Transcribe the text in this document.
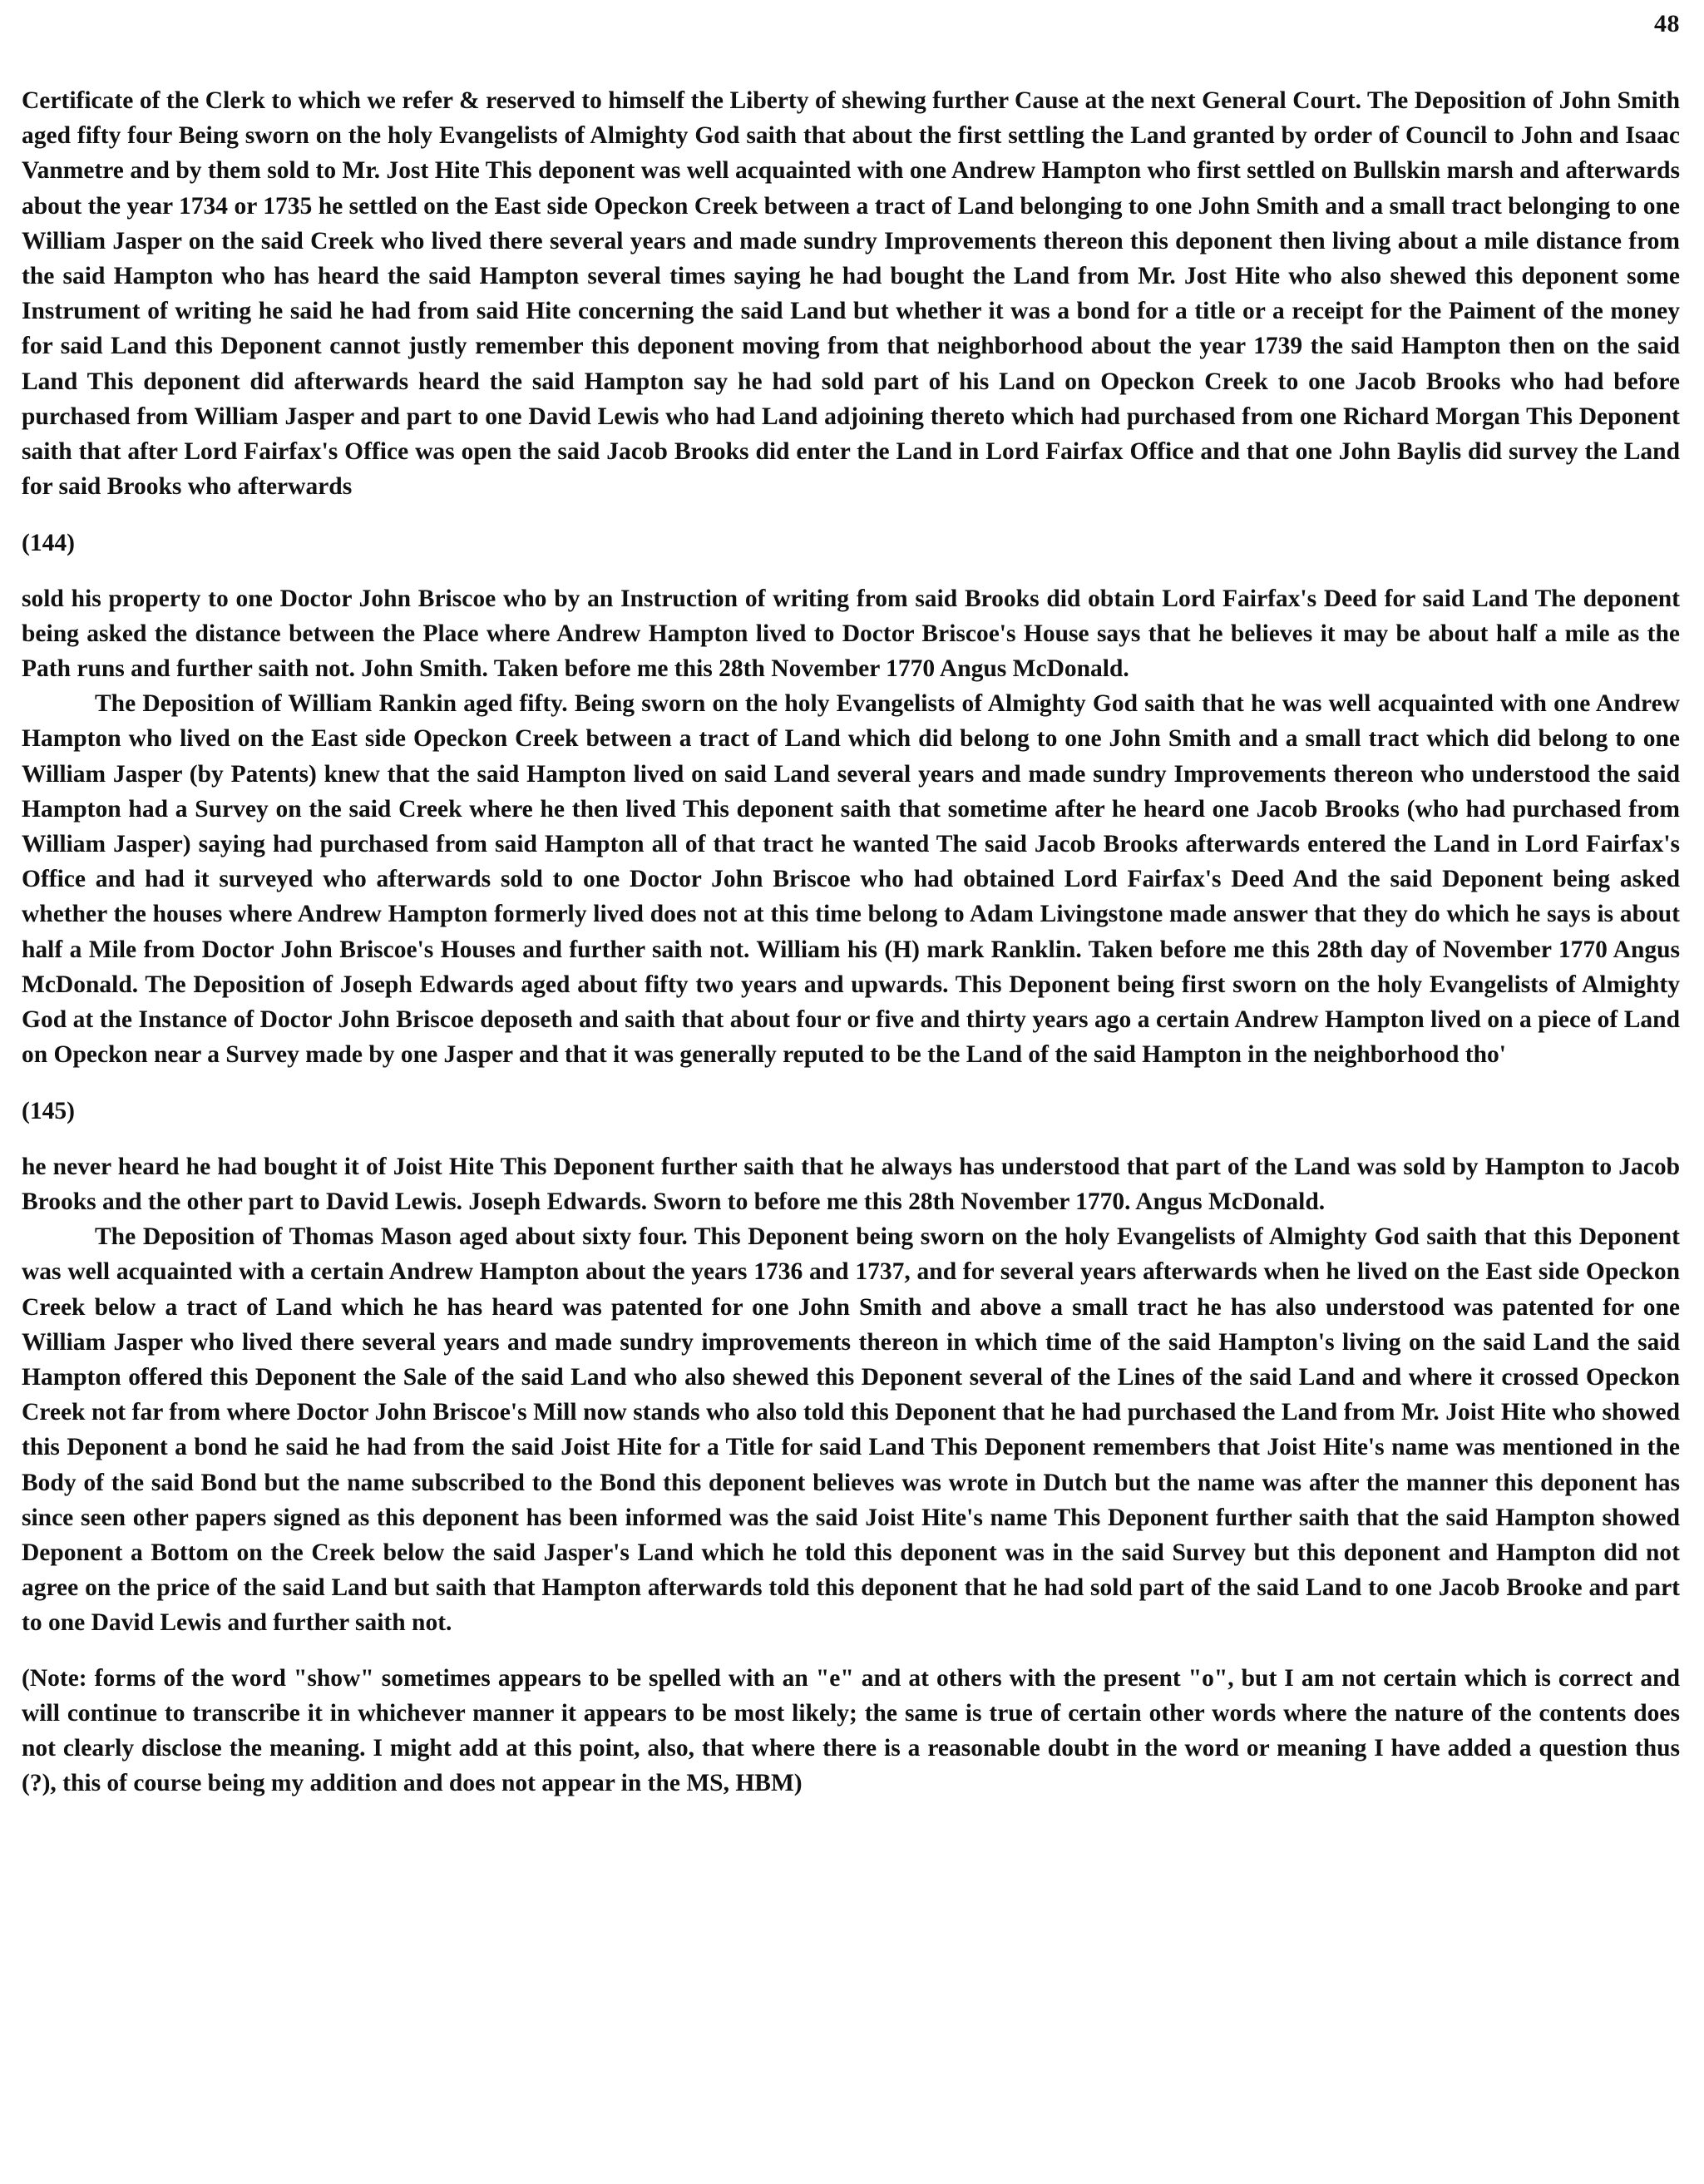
48

Certificate of the Clerk to which we refer & reserved to himself the Liberty of shewing further Cause at the next General Court. The Deposition of John Smith aged fifty four Being sworn on the holy Evangelists of Almighty God saith that about the first settling the Land granted by order of Council to John and Isaac Vanmetre and by them sold to Mr. Jost Hite This deponent was well acquainted with one Andrew Hampton who first settled on Bullskin marsh and afterwards about the year 1734 or 1735 he settled on the East side Opeckon Creek between a tract of Land belonging to one John Smith and a small tract belonging to one William Jasper on the said Creek who lived there several years and made sundry Improvements thereon this deponent then living about a mile distance from the said Hampton who has heard the said Hampton several times saying he had bought the Land from Mr. Jost Hite who also shewed this deponent some Instrument of writing he said he had from said Hite concerning the said Land but whether it was a bond for a title or a receipt for the Paiment of the money for said Land this Deponent cannot justly remember this deponent moving from that neighborhood about the year 1739 the said Hampton then on the said Land This deponent did afterwards heard the said Hampton say he had sold part of his Land on Opeckon Creek to one Jacob Brooks who had before purchased from William Jasper and part to one David Lewis who had Land adjoining thereto which had purchased from one Richard Morgan This Deponent saith that after Lord Fairfax's Office was open the said Jacob Brooks did enter the Land in Lord Fairfax Office and that one John Baylis did survey the Land for said Brooks who afterwards

(144)

sold his property to one Doctor John Briscoe who by an Instruction of writing from said Brooks did obtain Lord Fairfax's Deed for said Land The deponent being asked the distance between the Place where Andrew Hampton lived to Doctor Briscoe's House says that he believes it may be about half a mile as the Path runs and further saith not. John Smith. Taken before me this 28th November 1770 Angus McDonald.

The Deposition of William Rankin aged fifty. Being sworn on the holy Evangelists of Almighty God saith that he was well acquainted with one Andrew Hampton who lived on the East side Opeckon Creek between a tract of Land which did belong to one John Smith and a small tract which did belong to one William Jasper (by Patents) knew that the said Hampton lived on said Land several years and made sundry Improvements thereon who understood the said Hampton had a Survey on the said Creek where he then lived This deponent saith that sometime after he heard one Jacob Brooks (who had purchased from William Jasper) saying had purchased from said Hampton all of that tract he wanted The said Jacob Brooks afterwards entered the Land in Lord Fairfax's Office and had it surveyed who afterwards sold to one Doctor John Briscoe who had obtained Lord Fairfax's Deed And the said Deponent being asked whether the houses where Andrew Hampton formerly lived does not at this time belong to Adam Livingstone made answer that they do which he says is about half a Mile from Doctor John Briscoe's Houses and further saith not. William his (H) mark Ranklin. Taken before me this 28th day of November 1770 Angus McDonald. The Deposition of Joseph Edwards aged about fifty two years and upwards. This Deponent being first sworn on the holy Evangelists of Almighty God at the Instance of Doctor John Briscoe deposeth and saith that about four or five and thirty years ago a certain Andrew Hampton lived on a piece of Land on Opeckon near a Survey made by one Jasper and that it was generally reputed to be the Land of the said Hampton in the neighborhood tho'

(145)

he never heard he had bought it of Joist Hite This Deponent further saith that he always has understood that part of the Land was sold by Hampton to Jacob Brooks and the other part to David Lewis. Joseph Edwards. Sworn to before me this 28th November 1770. Angus McDonald.

The Deposition of Thomas Mason aged about sixty four. This Deponent being sworn on the holy Evangelists of Almighty God saith that this Deponent was well acquainted with a certain Andrew Hampton about the years 1736 and 1737, and for several years afterwards when he lived on the East side Opeckon Creek below a tract of Land which he has heard was patented for one John Smith and above a small tract he has also understood was patented for one William Jasper who lived there several years and made sundry improvements thereon in which time of the said Hampton's living on the said Land the said Hampton offered this Deponent the Sale of the said Land who also shewed this Deponent several of the Lines of the said Land and where it crossed Opeckon Creek not far from where Doctor John Briscoe's Mill now stands who also told this Deponent that he had purchased the Land from Mr. Joist Hite who showed this Deponent a bond he said he had from the said Joist Hite for a Title for said Land This Deponent remembers that Joist Hite's name was mentioned in the Body of the said Bond but the name subscribed to the Bond this deponent believes was wrote in Dutch but the name was after the manner this deponent has since seen other papers signed as this deponent has been informed was the said Joist Hite's name This Deponent further saith that the said Hampton showed Deponent a Bottom on the Creek below the said Jasper's Land which he told this deponent was in the said Survey but this deponent and Hampton did not agree on the price of the said Land but saith that Hampton afterwards told this deponent that he had sold part of the said Land to one Jacob Brooke and part to one David Lewis and further saith not.

(Note: forms of the word "show" sometimes appears to be spelled with an "e" and at others with the present "o", but I am not certain which is correct and will continue to transcribe it in whichever manner it appears to be most likely; the same is true of certain other words where the nature of the contents does not clearly disclose the meaning. I might add at this point, also, that where there is a reasonable doubt in the word or meaning I have added a question thus (?), this of course being my addition and does not appear in the MS, HBM)
